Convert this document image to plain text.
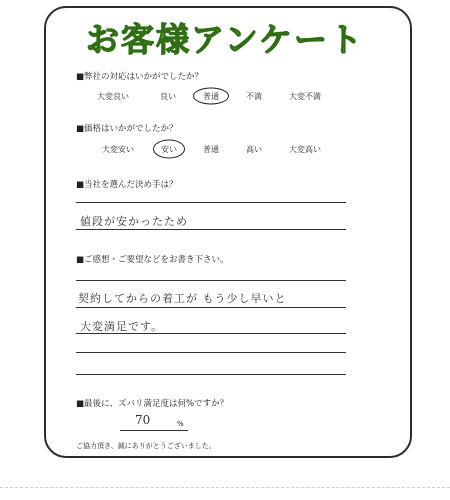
お客様アンケート
■弊社の対応はいかがでしたか？
大変良い	良い	普通	不満	大変不満
■価格はいかがでしたか？
大変安い	安い	普通	高い	大変高い
■当社を選んだ決め手は？
値段が安かったため
■ご感想・ご要望などをお書き下さい。
契約してからの着工が もう少し早いと
大変満足です。
■最後に、ズバリ満足度は何%ですか？
70	%
ご協力頂き、誠にありがとうございました。
